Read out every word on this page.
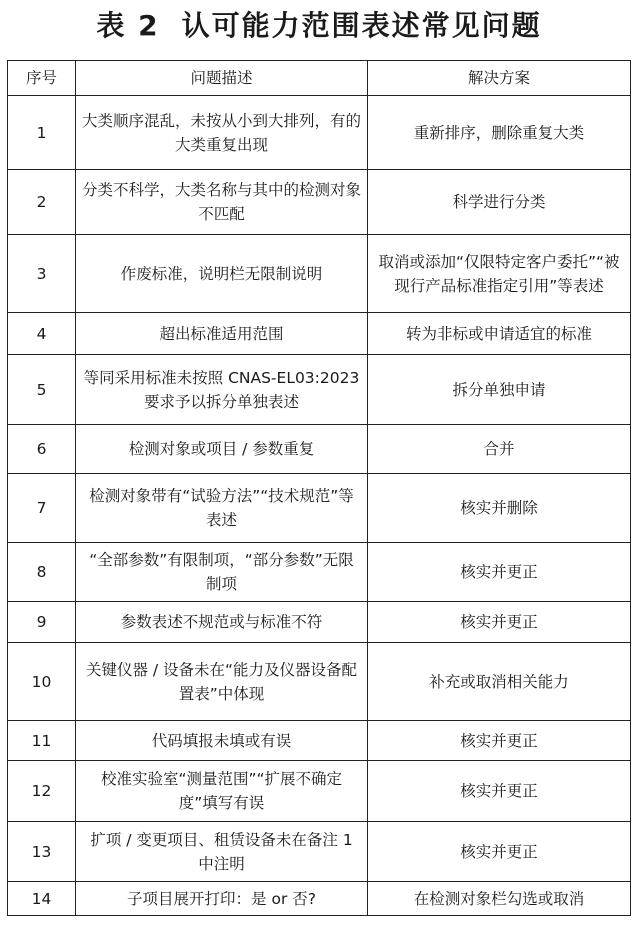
表 2 认可能力范围表述常见问题
序号	问题描述	解决方案
1	大类顺序混乱，未按从小到大排列，有的大类重复出现	重新排序，删除重复大类
2	分类不科学，大类名称与其中的检测对象不匹配	科学进行分类
3	作废标准，说明栏无限制说明	取消或添加“仅限特定客户委托”“被现行产品标准指定引用”等表述
4	超出标准适用范围	转为非标或申请适宜的标准
5	等同采用标准未按照 CNAS-EL03:2023 要求予以拆分单独表述	拆分单独申请
6	检测对象或项目 / 参数重复	合并
7	检测对象带有“试验方法”“技术规范”等表述	核实并删除
8	“全部参数”有限制项，“部分参数”无限制项	核实并更正
9	参数表述不规范或与标准不符	核实并更正
10	关键仪器 / 设备未在“能力及仪器设备配置表”中体现	补充或取消相关能力
11	代码填报未填或有误	核实并更正
12	校准实验室“测量范围”“扩展不确定度”填写有误	核实并更正
13	扩项 / 变更项目、租赁设备未在备注 1 中注明	核实并更正
14	子项目展开打印：是 or 否?	在检测对象栏勾选或取消
